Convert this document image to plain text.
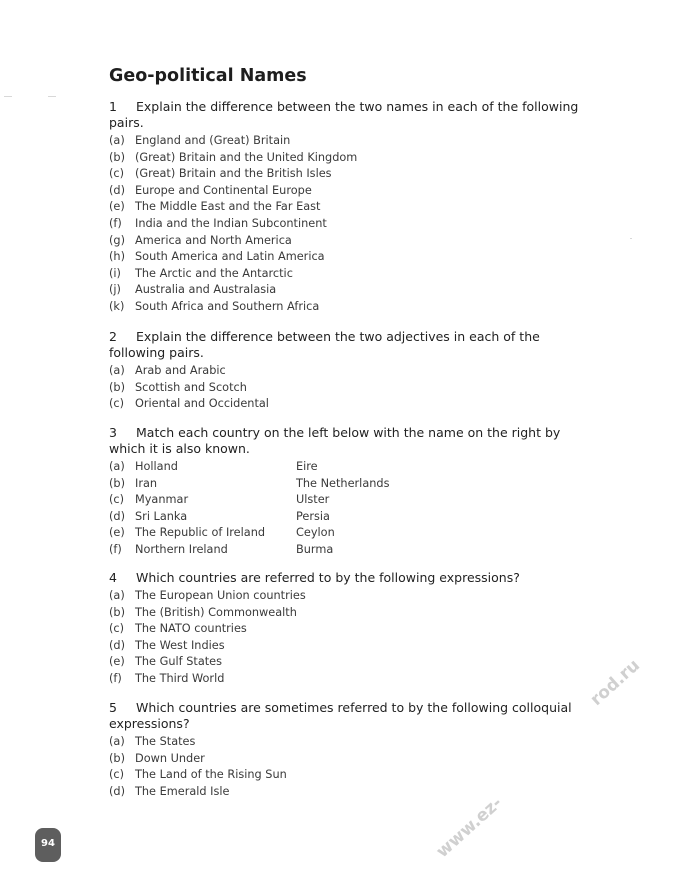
Geo-political Names
1 Explain the difference between the two names in each of the following pairs.
(a) England and (Great) Britain
(b) (Great) Britain and the United Kingdom
(c) (Great) Britain and the British Isles
(d) Europe and Continental Europe
(e) The Middle East and the Far East
(f) India and the Indian Subcontinent
(g) America and North America
(h) South America and Latin America
(i) The Arctic and the Antarctic
(j) Australia and Australasia
(k) South Africa and Southern Africa
2 Explain the difference between the two adjectives in each of the following pairs.
(a) Arab and Arabic
(b) Scottish and Scotch
(c) Oriental and Occidental
3 Match each country on the left below with the name on the right by which it is also known.
(a) Holland	Eire
(b) Iran	The Netherlands
(c) Myanmar	Ulster
(d) Sri Lanka	Persia
(e) The Republic of Ireland	Ceylon
(f) Northern Ireland	Burma
4 Which countries are referred to by the following expressions?
(a) The European Union countries
(b) The (British) Commonwealth
(c) The NATO countries
(d) The West Indies
(e) The Gulf States
(f) The Third World
5 Which countries are sometimes referred to by the following colloquial expressions?
(a) The States
(b) Down Under
(c) The Land of the Rising Sun
(d) The Emerald Isle
94	www.ez-
rod.ru
